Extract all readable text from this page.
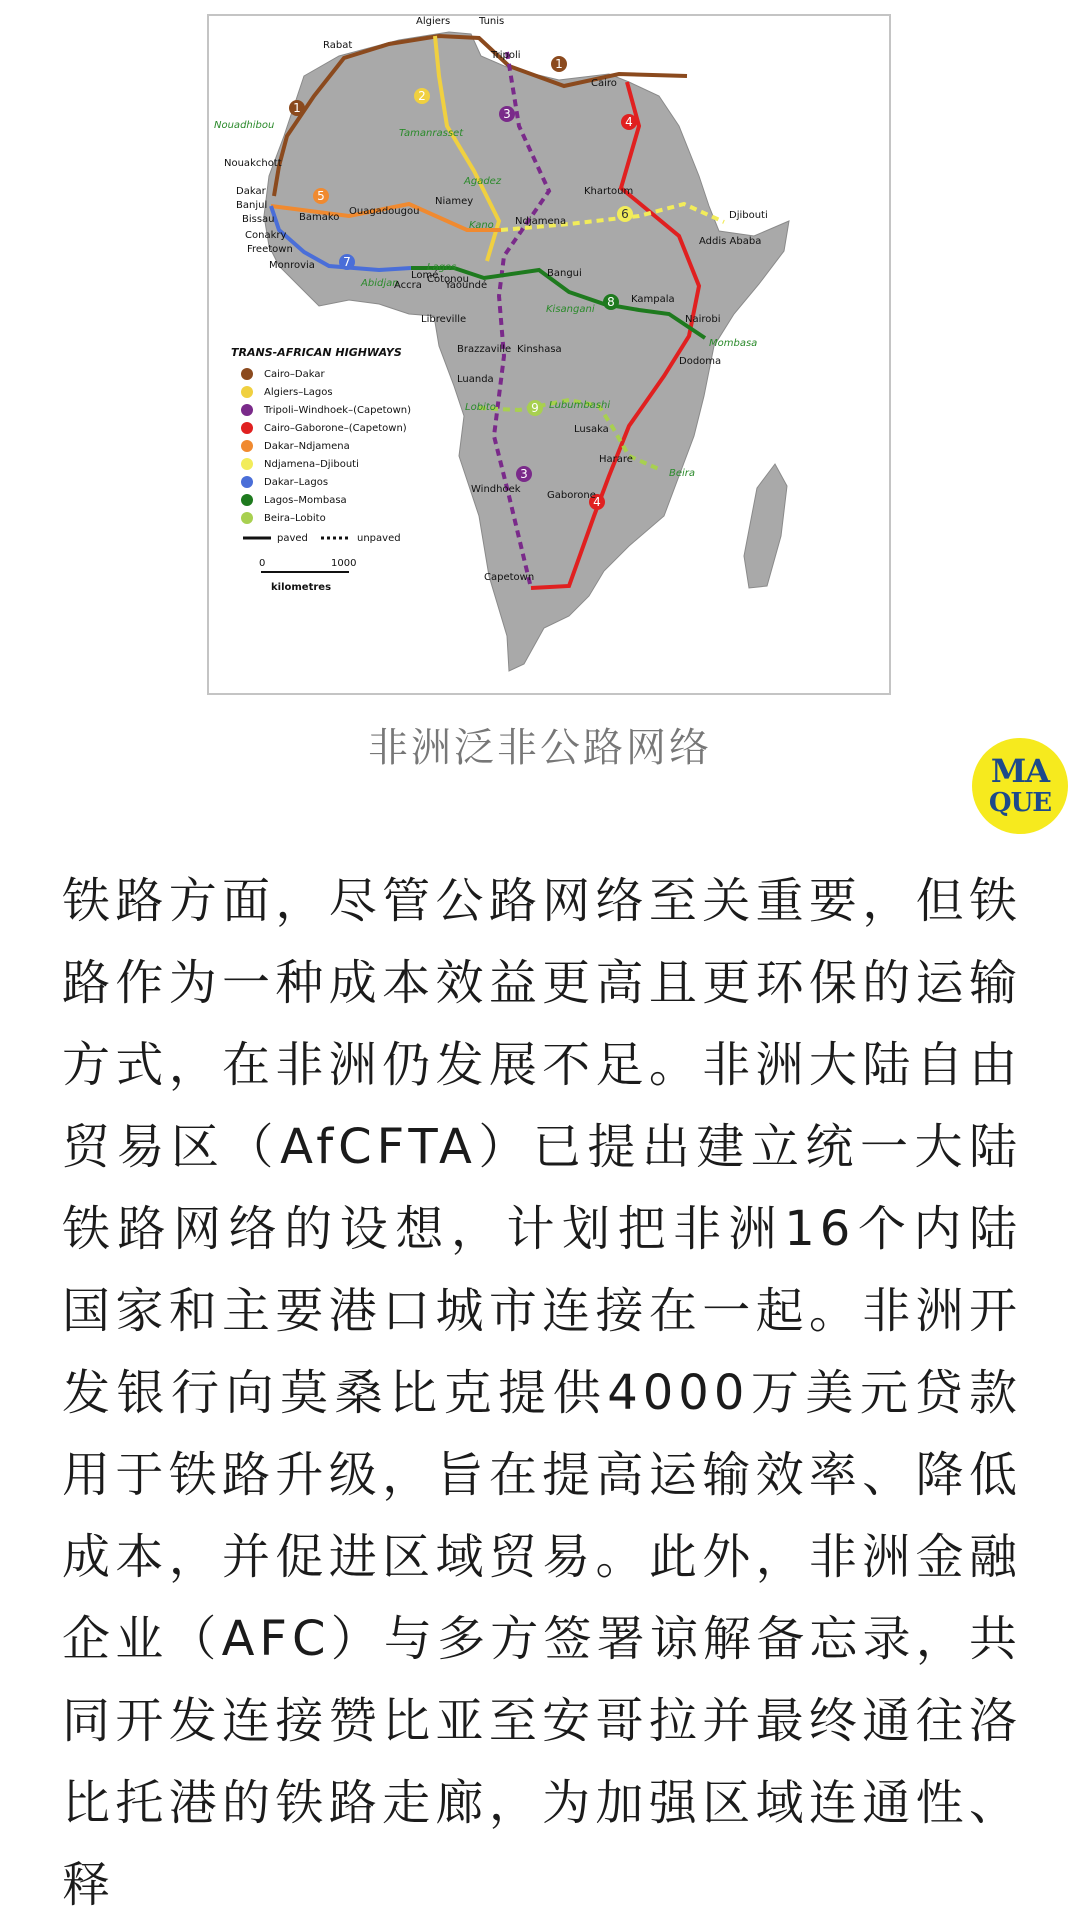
1
1
2
3
3
4
4
5
6
7
8
9
Algiers	Tunis
Rabat
Tripoli
Cairo
Nouadhibou
Tamanrasset
Nouakchott
Agadez
Khartoum
Dakar
Banjul	Niamey
Djibouti
Bissau Bamako
Ouagadougou
Kano Ndjamena
Conakry
Addis Ababa
Freetown
Monrovia
Bangui
Yaoundé
Kisangani
Kampala
Abidjan
Accra
Lomé
Lagos
Cotonou
Libreville	Nairobi
Mombasa
Brazzaville Kinshasa
Dodoma
Luanda
Lobito	Lubumbashi
Lusaka
Harare
Beira
Windhoek
Gaborone
Capetown
TRANS-AFRICAN HIGHWAYS
Cairo–Dakar
Algiers–Lagos
Tripoli–Windhoek–(Capetown)
Cairo–Gaborone–(Capetown)
Dakar–Ndjamena
Ndjamena–Djibouti
Dakar–Lagos
Lagos–Mombasa
Beira–Lobito
paved	unpaved
0	1000
kilometres
非洲泛非公路网络	MA
QUE

铁路方面，尽管公路网络至关重要，但铁路作为一种成本效益更高且更环保的运输方式，在非洲仍发展不足。非洲大陆自由贸易区（AfCFTA）已提出建立统一大陆铁路网络的设想，计划把非洲16个内陆国家和主要港口城市连接在一起。非洲开发银行向莫桑比克提供4000万美元贷款用于铁路升级，旨在提高运输效率、降低成本，并促进区域贸易。此外，非洲金融企业（AFC）与多方签署谅解备忘录，共同开发连接赞比亚至安哥拉并最终通往洛比托港的铁路走廊，为加强区域连通性、释
